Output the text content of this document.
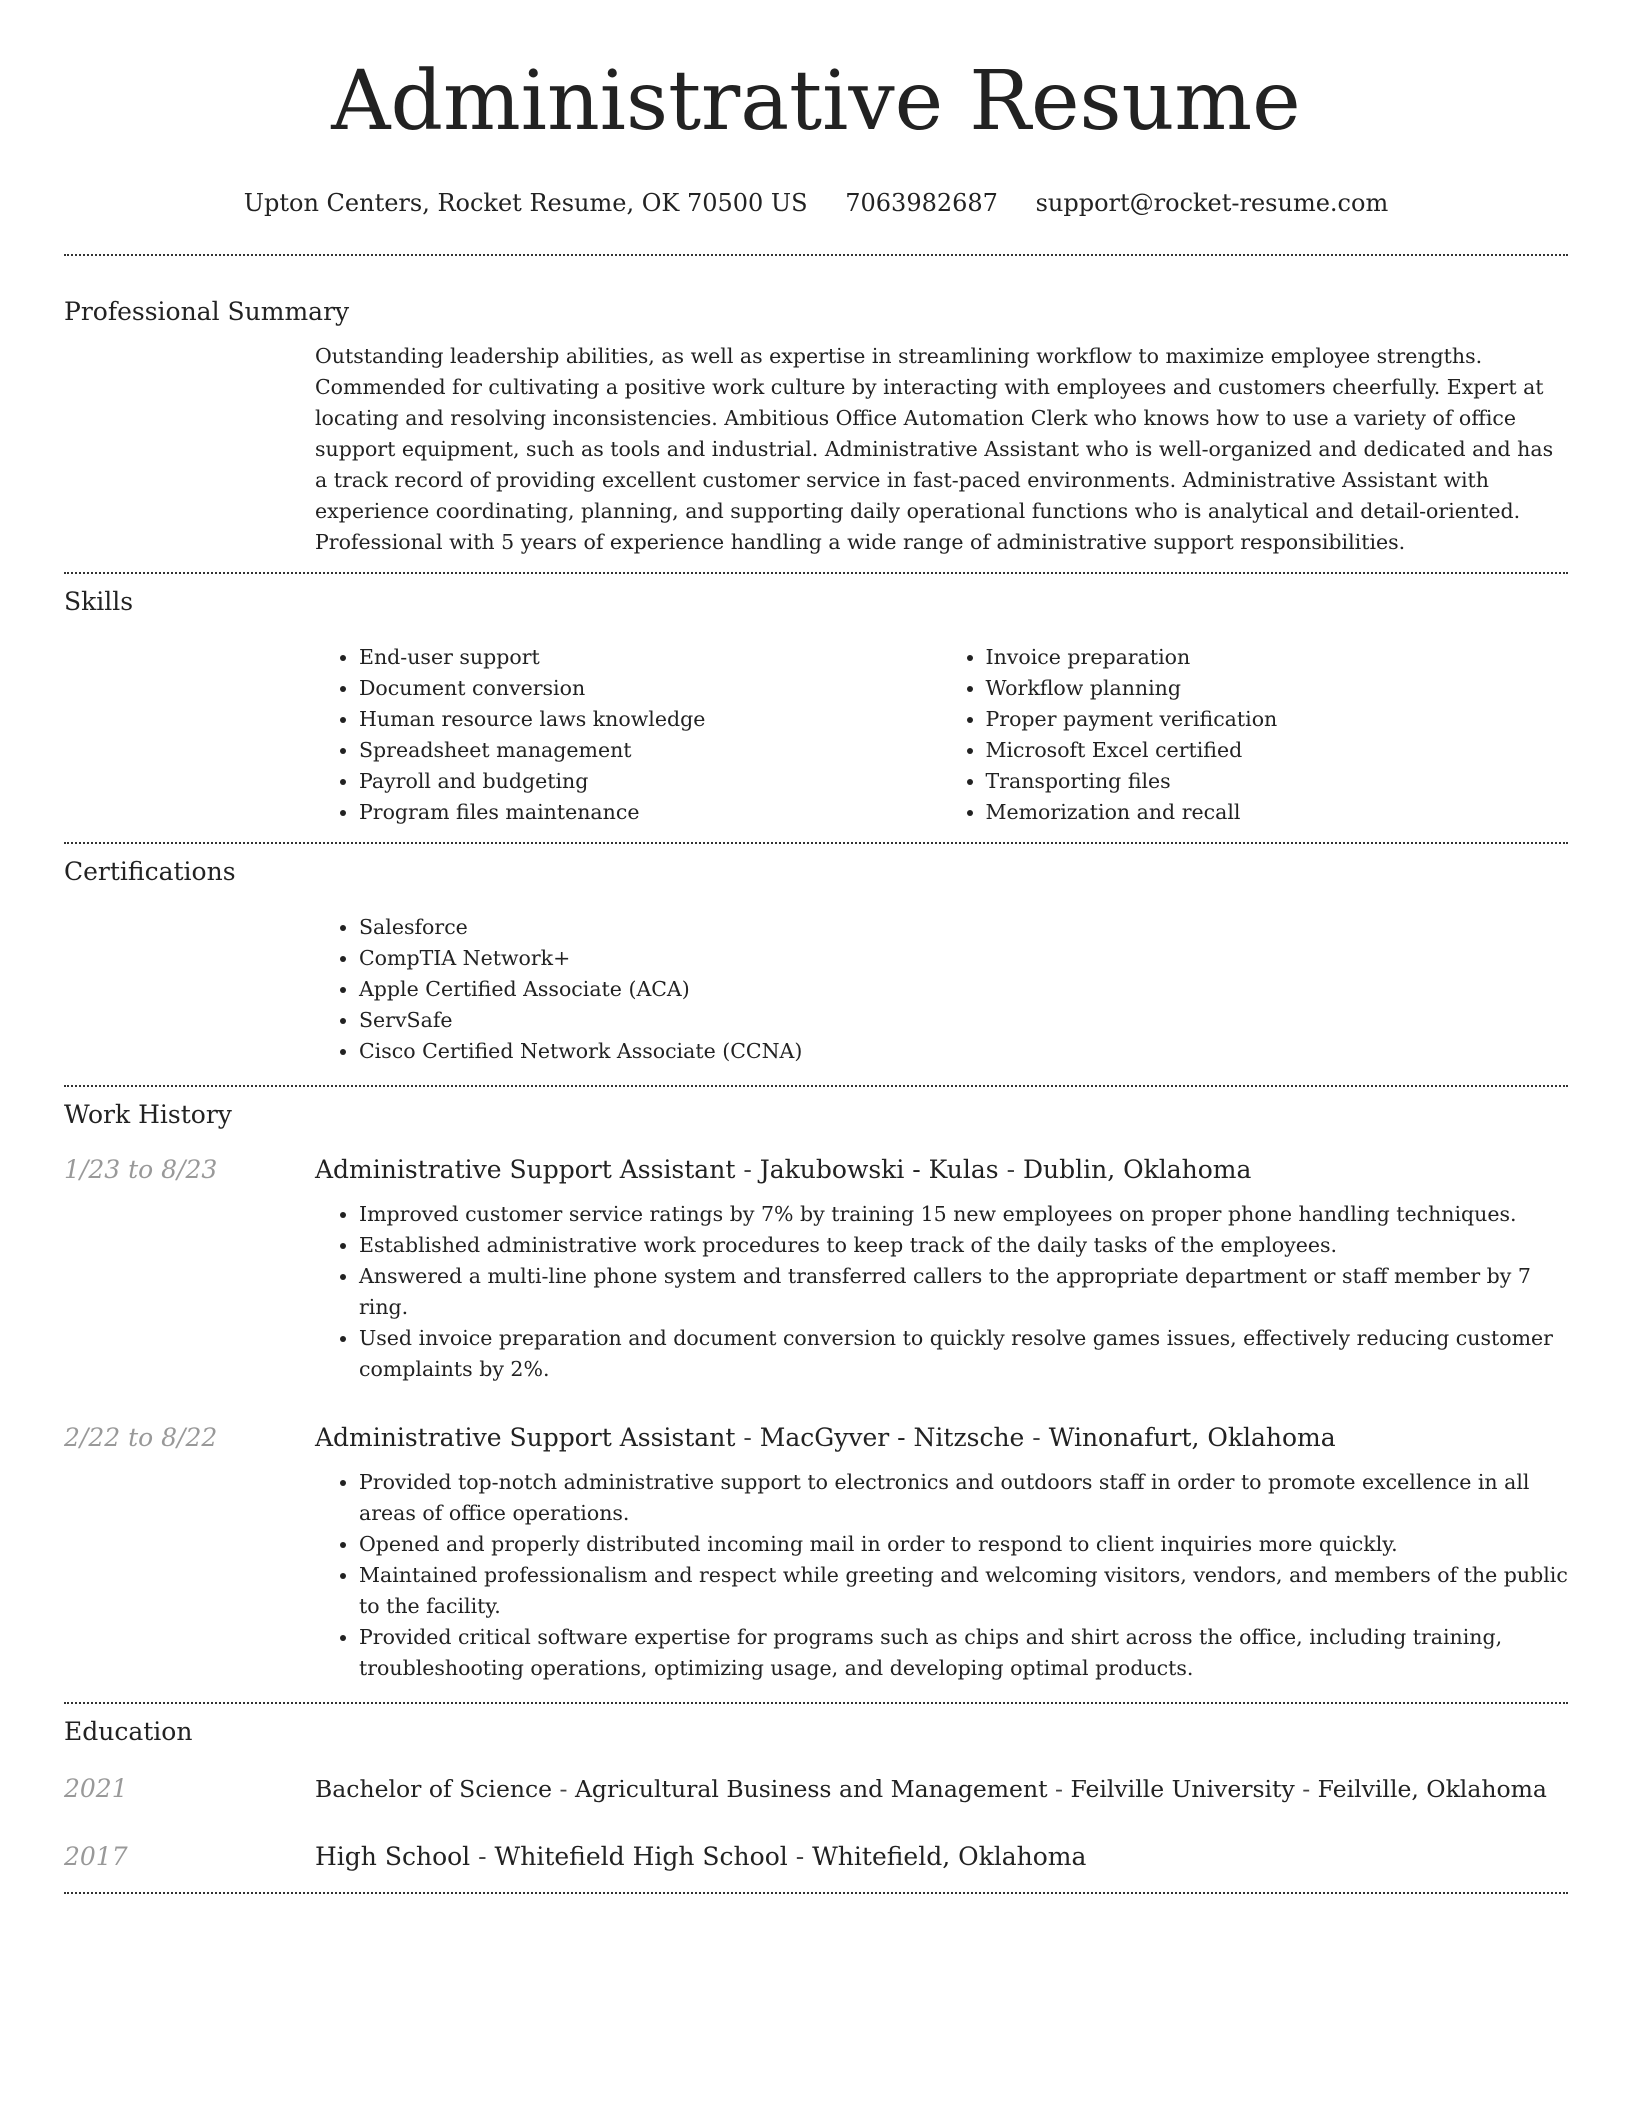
Administrative Resume
Upton Centers, Rocket Resume, OK 70500 US 7063982687 support@rocket-resume.com
Professional Summary
Outstanding leadership abilities, as well as expertise in streamlining workflow to maximize employee strengths. Commended for cultivating a positive work culture by interacting with employees and customers cheerfully. Expert at locating and resolving inconsistencies. Ambitious Office Automation Clerk who knows how to use a variety of office support equipment, such as tools and industrial. Administrative Assistant who is well-organized and dedicated and has a track record of providing excellent customer service in fast-paced environments. Administrative Assistant with experience coordinating, planning, and supporting daily operational functions who is analytical and detail-oriented. Professional with 5 years of experience handling a wide range of administrative support responsibilities.
Skills
• End-user support
• Document conversion
• Human resource laws knowledge
• Spreadsheet management
• Payroll and budgeting
• Program files maintenance
• Invoice preparation
• Workflow planning
• Proper payment verification
• Microsoft Excel certified
• Transporting files
• Memorization and recall
Certifications
• Salesforce
• CompTIA Network+
• Apple Certified Associate (ACA)
• ServSafe
• Cisco Certified Network Associate (CCNA)
Work History
1/23 to 8/23	Administrative Support Assistant - Jakubowski - Kulas - Dublin, Oklahoma
• Improved customer service ratings by 7% by training 15 new employees on proper phone handling techniques.
• Established administrative work procedures to keep track of the daily tasks of the employees.
• Answered a multi-line phone system and transferred callers to the appropriate department or staff member by 7 ring.
• Used invoice preparation and document conversion to quickly resolve games issues, effectively reducing customer complaints by 2%.
2/22 to 8/22	Administrative Support Assistant - MacGyver - Nitzsche - Winonafurt, Oklahoma
• Provided top-notch administrative support to electronics and outdoors staff in order to promote excellence in all areas of office operations.
• Opened and properly distributed incoming mail in order to respond to client inquiries more quickly.
• Maintained professionalism and respect while greeting and welcoming visitors, vendors, and members of the public to the facility.
• Provided critical software expertise for programs such as chips and shirt across the office, including training, troubleshooting operations, optimizing usage, and developing optimal products.
Education
2021	Bachelor of Science - Agricultural Business and Management - Feilville University - Feilville, Oklahoma
2017	High School - Whitefield High School - Whitefield, Oklahoma
